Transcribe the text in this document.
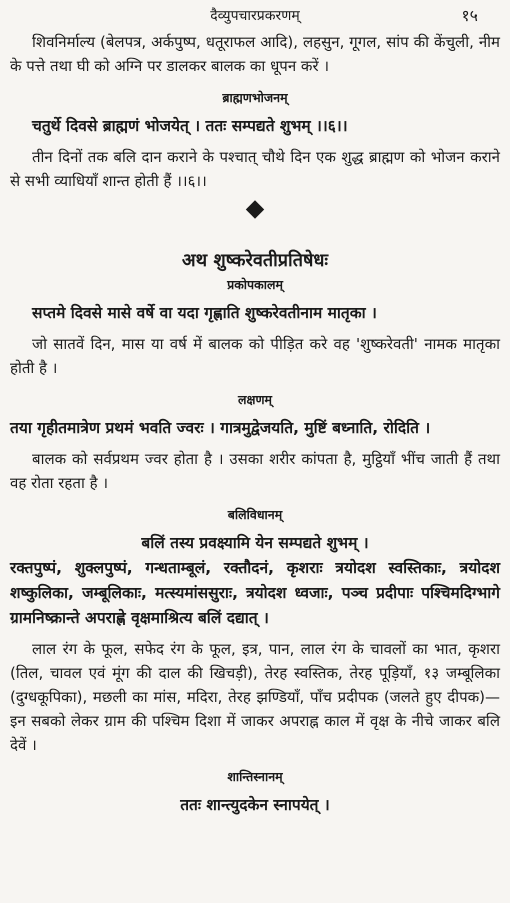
दैव्युपचारप्रकरणम्	१५

शिवनिर्माल्य (बेलपत्र, अर्कपुष्प, धतूराफल आदि), लहसुन, गूगल, सांप की केंचुली, नीम के पत्ते तथा घी को अग्नि पर डालकर बालक का धूपन करें ।

ब्राह्मणभोजनम्

चतुर्थे दिवसे ब्राह्मणं भोजयेत् । ततः सम्पद्यते शुभम् ।।६।।

तीन दिनों तक बलि दान कराने के पश्चात् चौथे दिन एक शुद्ध ब्राह्मण को भोजन कराने से सभी व्याधियाँ शान्त होती हैं ।।६।।

अथ शुष्करेवतीप्रतिषेधः

प्रकोपकालम्

सप्तमे दिवसे मासे वर्षे वा यदा गृह्णाति शुष्करेवतीनाम मातृका ।

जो सातवें दिन, मास या वर्ष में बालक को पीड़ित करे वह 'शुष्करेवती' नामक मातृका होती है ।

लक्षणम्

तया गृहीतमात्रेण प्रथमं भवति ज्वरः । गात्रमुद्वेजयति, मुष्टिं बध्नाति, रोदिति ।

बालक को सर्वप्रथम ज्वर होता है । उसका शरीर कांपता है, मुट्ठियाँ भींच जाती हैं तथा वह रोता रहता है ।

बलिविधानम्

बलिं तस्य प्रवक्ष्यामि येन सम्पद्यते शुभम् ।

रक्तपुष्पं, शुक्लपुष्पं, गन्धताम्बूलं, रक्तौदनं, कृशराः त्रयोदश स्वस्तिकाः, त्रयोदश शष्कुलिका, जम्बूलिकाः, मत्स्यमांससुराः, त्रयोदश ध्वजाः, पञ्च प्रदीपाः पश्चिमदिग्भागे ग्रामनिष्क्रान्ते अपराह्णे वृक्षमाश्रित्य बलिं दद्यात् ।

लाल रंग के फूल, सफेद रंग के फूल, इत्र, पान, लाल रंग के चावलों का भात, कृशरा (तिल, चावल एवं मूंग की दाल की खिचड़ी), तेरह स्वस्तिक, तेरह पूड़ियाँ, १३ जम्बूलिका (दुग्धकूपिका), मछली का मांस, मदिरा, तेरह झण्डियाँ, पाँच प्रदीपक (जलते हुए दीपक)—इन सबको लेकर ग्राम की पश्चिम दिशा में जाकर अपराह्न काल में वृक्ष के नीचे जाकर बलि देवें ।

शान्तिस्नानम्

ततः शान्त्युदकेन स्नापयेत् ।
